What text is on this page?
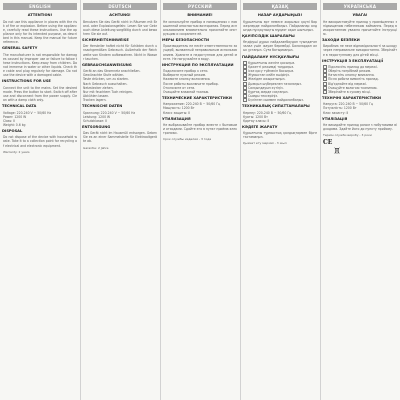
ENGLISH
ATTENTION!
Do not use this appliance in places with the risk of fire or explosion. Before using the appliance, carefully read these instructions. Use the appliance only for its intended purpose, as described in this manual. Keep the manual for future reference.
GENERAL SAFETY
The manufacturer is not responsible for damages caused by improper use or failure to follow these instructions. Keep away from children. Do not immerse in water or other liquids. Check the cable and plug regularly for damage. Do not use the device with a damaged cable.
INSTRUCTIONS FOR USE
Connect the unit to the mains. Set the desired mode. Press the button to start. Switch off after use and disconnect from the power supply. Clean with a damp cloth only.
TECHNICAL DATA
Voltage: 220-240 V ~ 50/60 Hz
Power: 1200 W
Class: II
Weight: 0.6 kg
DISPOSAL
Do not dispose of the device with household waste. Take it to a collection point for recycling of electrical and electronic equipment.
Warranty: 2 years
DEUTSCH
ACHTUNG!
Benutzen Sie das Gerät nicht in Räumen mit Brand- oder Explosionsgefahr. Lesen Sie vor Gebrauch diese Anleitung sorgfältig durch und bewahren Sie sie auf.
SICHERHEITSHINWEISE
Der Hersteller haftet nicht für Schäden durch unsachgemäßen Gebrauch. Außerhalb der Reichweite von Kindern aufbewahren. Nicht in Wasser tauchen.
GEBRAUCHSANWEISUNG
Gerät an das Stromnetz anschließen.
Gewünschte Stufe wählen.
Taste drücken, um zu starten.
Nach Gebrauch ausschalten.
Netzstecker ziehen.
Nur mit feuchtem Tuch reinigen.
Abkühlen lassen.
Trocken lagern.
TECHNISCHE DATEN
Spannung: 220-240 V ~ 50/60 Hz
Leistung: 1200 W
Schutzklasse: II
ENTSORGUNG
Das Gerät nicht im Hausmüll entsorgen. Geben Sie es an einer Sammelstelle für Elektroaltgeräte ab.
Garantie: 2 Jahre
РУССКИЙ
ВНИМАНИЕ!
Не используйте прибор в помещениях с повышенной опасностью возгорания. Перед использованием внимательно прочитайте инструкцию и сохраните её.
МЕРЫ БЕЗОПАСНОСТИ
Производитель не несёт ответственности за ущерб, вызванный неправильным использованием. Храните в недоступном для детей месте. Не погружайте в воду.
ИНСТРУКЦИЯ ПО ЭКСПЛУАТАЦИИ
Подключите прибор к сети.
Выберите нужный режим.
Нажмите кнопку включения.
После работы выключите прибор.
Отключите от сети.
Очищайте влажной тканью.
ТЕХНИЧЕСКИЕ ХАРАКТЕРИСТИКИ
Напряжение: 220-240 В ~ 50/60 Гц
Мощность: 1200 Вт
Класс защиты: II
УТИЛИЗАЦИЯ
Не выбрасывайте прибор вместе с бытовыми отходами. Сдайте его в пункт приёма электроники.
Срок службы изделия - 3 года
ҚАЗАҚ
НАЗАР АУДАРЫҢЫЗ!
Құрылғыны өрт немесе жарылыс қаупі бар жерлерде пайдаланбаңыз. Пайдаланар алдында нұсқаулықты мұқият оқып шығыңыз.
ҚАУІПСІЗДІК ШАРАЛАРЫ
Өндіруші дұрыс пайдаланбаудан туындаған залал үшін жауап бермейді. Балалардан алыс ұстаңыз. Суға батырмаңыз.
ПАЙДАЛАНУ НҰСҚАУЛЫҒЫ
Құрылғыны желіге қосыңыз.
Қажетті режимді таңдаңыз.
Іске қосу түймесін басыңыз.
Жұмыстан кейін өшіріңіз.
Желіден ажыратыңыз.
Дымқыл шүберекпен тазалаңыз.
Салқындауын күтіңіз.
Құрғақ жерде сақтаңыз.
Сымды тексеріңіз.
Бүлінген сыммен пайдаланбаңыз.
ТЕХНИКАЛЫҚ СИПАТТАМАЛАРЫ
Кернеу: 220-240 В ~ 50/60 Гц
Қуаты: 1200 Вт
Қорғау класы: II
КӘДЕГЕ ЖАРАТУ
Құрылғыны тұрмыстық қалдықтармен бірге тастамаңыз.
Қызмет ету мерзімі - 3 жыл
УКРАЇНСЬКА
УВАГА!
Не використовуйте прилад у приміщеннях з підвищеною небезпекою займання. Перед використанням уважно прочитайте інструкцію.
ЗАХОДИ БЕЗПЕКИ
Виробник не несе відповідальності за шкоду через неправильне використання. Зберігайте в недоступному для дітей місці.
ІНСТРУКЦІЯ З ЕКСПЛУАТАЦІЇ
Підключіть прилад до мережі.
Оберіть потрібний режим.
Натисніть кнопку вмикання.
Після роботи вимкніть прилад.
Від'єднайте від мережі.
Очищуйте вологою тканиною.
Зберігайте в сухому місці.
ТЕХНІЧНІ ХАРАКТЕРИСТИКИ
Напруга: 220-240 В ~ 50/60 Гц
Потужність: 1200 Вт
Клас захисту: II
УТИЛІЗАЦІЯ
Не викидайте прилад разом з побутовими відходами. Здайте його до пункту прийому.
Термін служби виробу - 3 роки
CE
